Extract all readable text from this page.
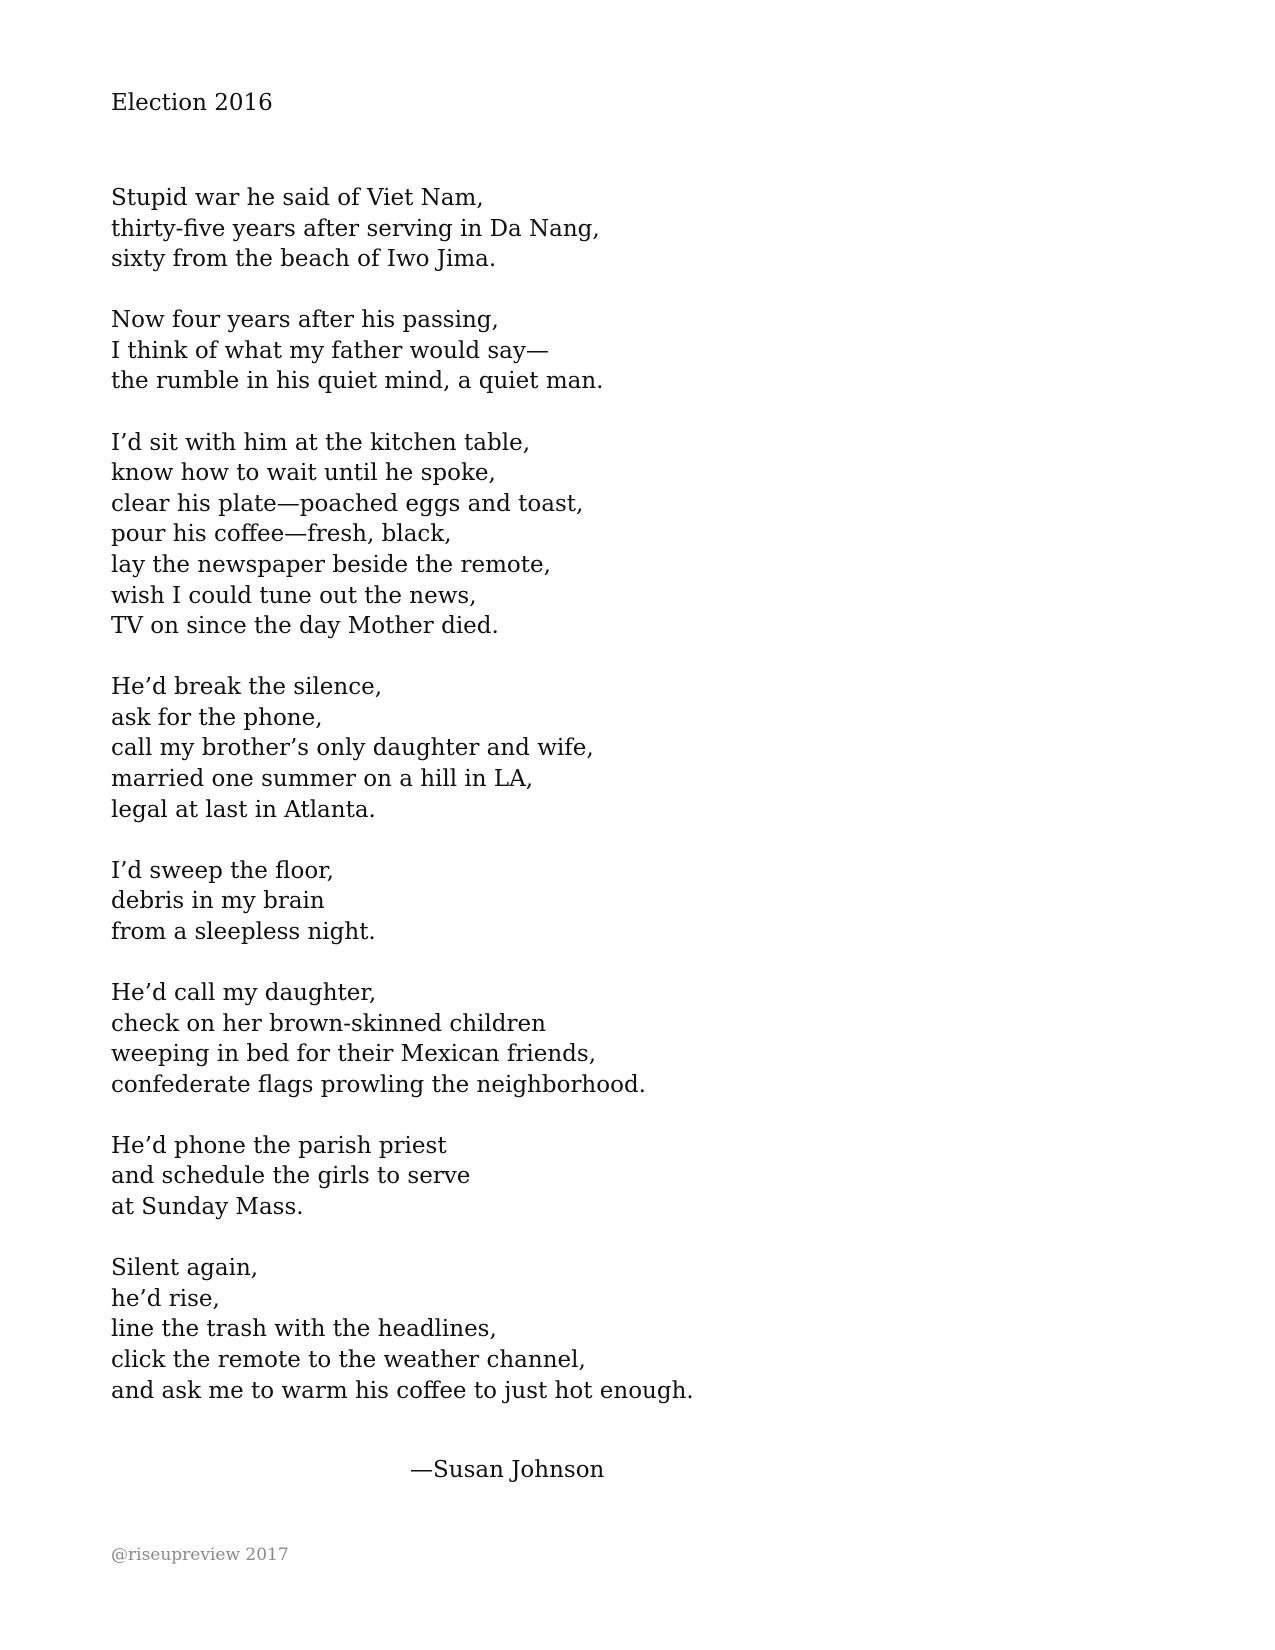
Election 2016
Stupid war he said of Viet Nam,
thirty-five years after serving in Da Nang,
sixty from the beach of Iwo Jima.
Now four years after his passing,
I think of what my father would say—
the rumble in his quiet mind, a quiet man.
I’d sit with him at the kitchen table,
know how to wait until he spoke,
clear his plate—poached eggs and toast,
pour his coffee—fresh, black,
lay the newspaper beside the remote,
wish I could tune out the news,
TV on since the day Mother died.
He’d break the silence,
ask for the phone,
call my brother’s only daughter and wife,
married one summer on a hill in LA,
legal at last in Atlanta.
I’d sweep the floor,
debris in my brain
from a sleepless night.
He’d call my daughter,
check on her brown-skinned children
weeping in bed for their Mexican friends,
confederate flags prowling the neighborhood.
He’d phone the parish priest
and schedule the girls to serve
at Sunday Mass.
Silent again,
he’d rise,
line the trash with the headlines,
click the remote to the weather channel,
and ask me to warm his coffee to just hot enough.
—Susan Johnson
@riseupreview 2017
